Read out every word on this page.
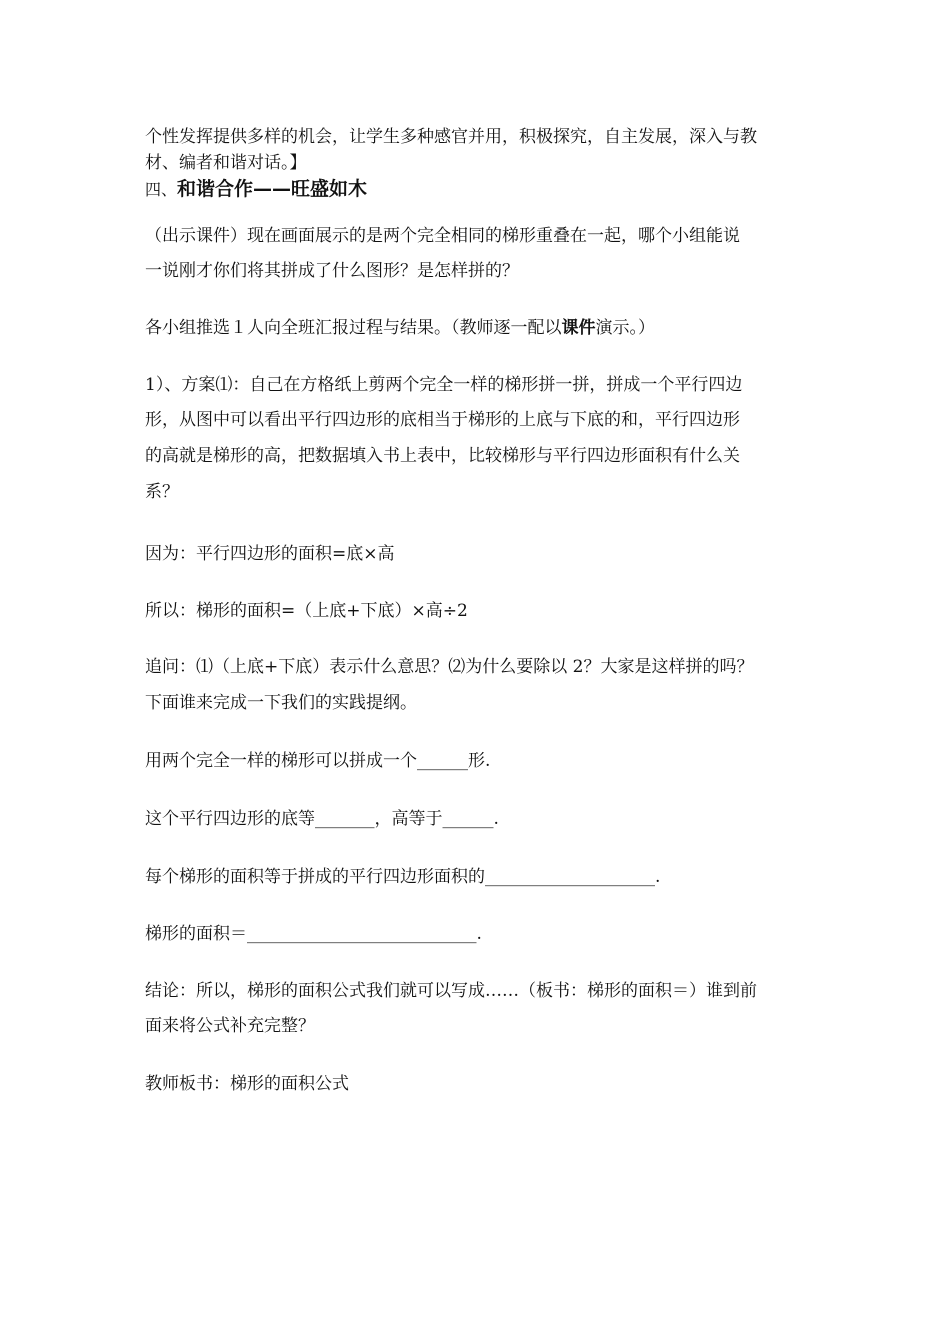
个性发挥提供多样的机会，让学生多种感官并用，积极探究，自主发展，深入与教
材、编者和谐对话。】
四、和谐合作——旺盛如木
（出示课件）现在画面展示的是两个完全相同的梯形重叠在一起，哪个小组能说
一说刚才你们将其拼成了什么图形？是怎样拼的？
各小组推选１人向全班汇报过程与结果。（教师逐一配以课件演示。）
1）、方案⑴：自己在方格纸上剪两个完全一样的梯形拼一拼，拼成一个平行四边
形，从图中可以看出平行四边形的底相当于梯形的上底与下底的和，平行四边形
的高就是梯形的高，把数据填入书上表中，比较梯形与平行四边形面积有什么关
系？
因为：平行四边形的面积=底×高
所以：梯形的面积=（上底+下底）×高÷2
追问：⑴（上底+下底）表示什么意思？⑵为什么要除以 2？大家是这样拼的吗？
下面谁来完成一下我们的实践提纲。
用两个完全一样的梯形可以拼成一个______形.
这个平行四边形的底等_______，高等于______.
每个梯形的面积等于拼成的平行四边形面积的____________________.
梯形的面积＝___________________________.
结论：所以，梯形的面积公式我们就可以写成……（板书：梯形的面积＝）谁到前
面来将公式补充完整？
教师板书：梯形的面积公式
